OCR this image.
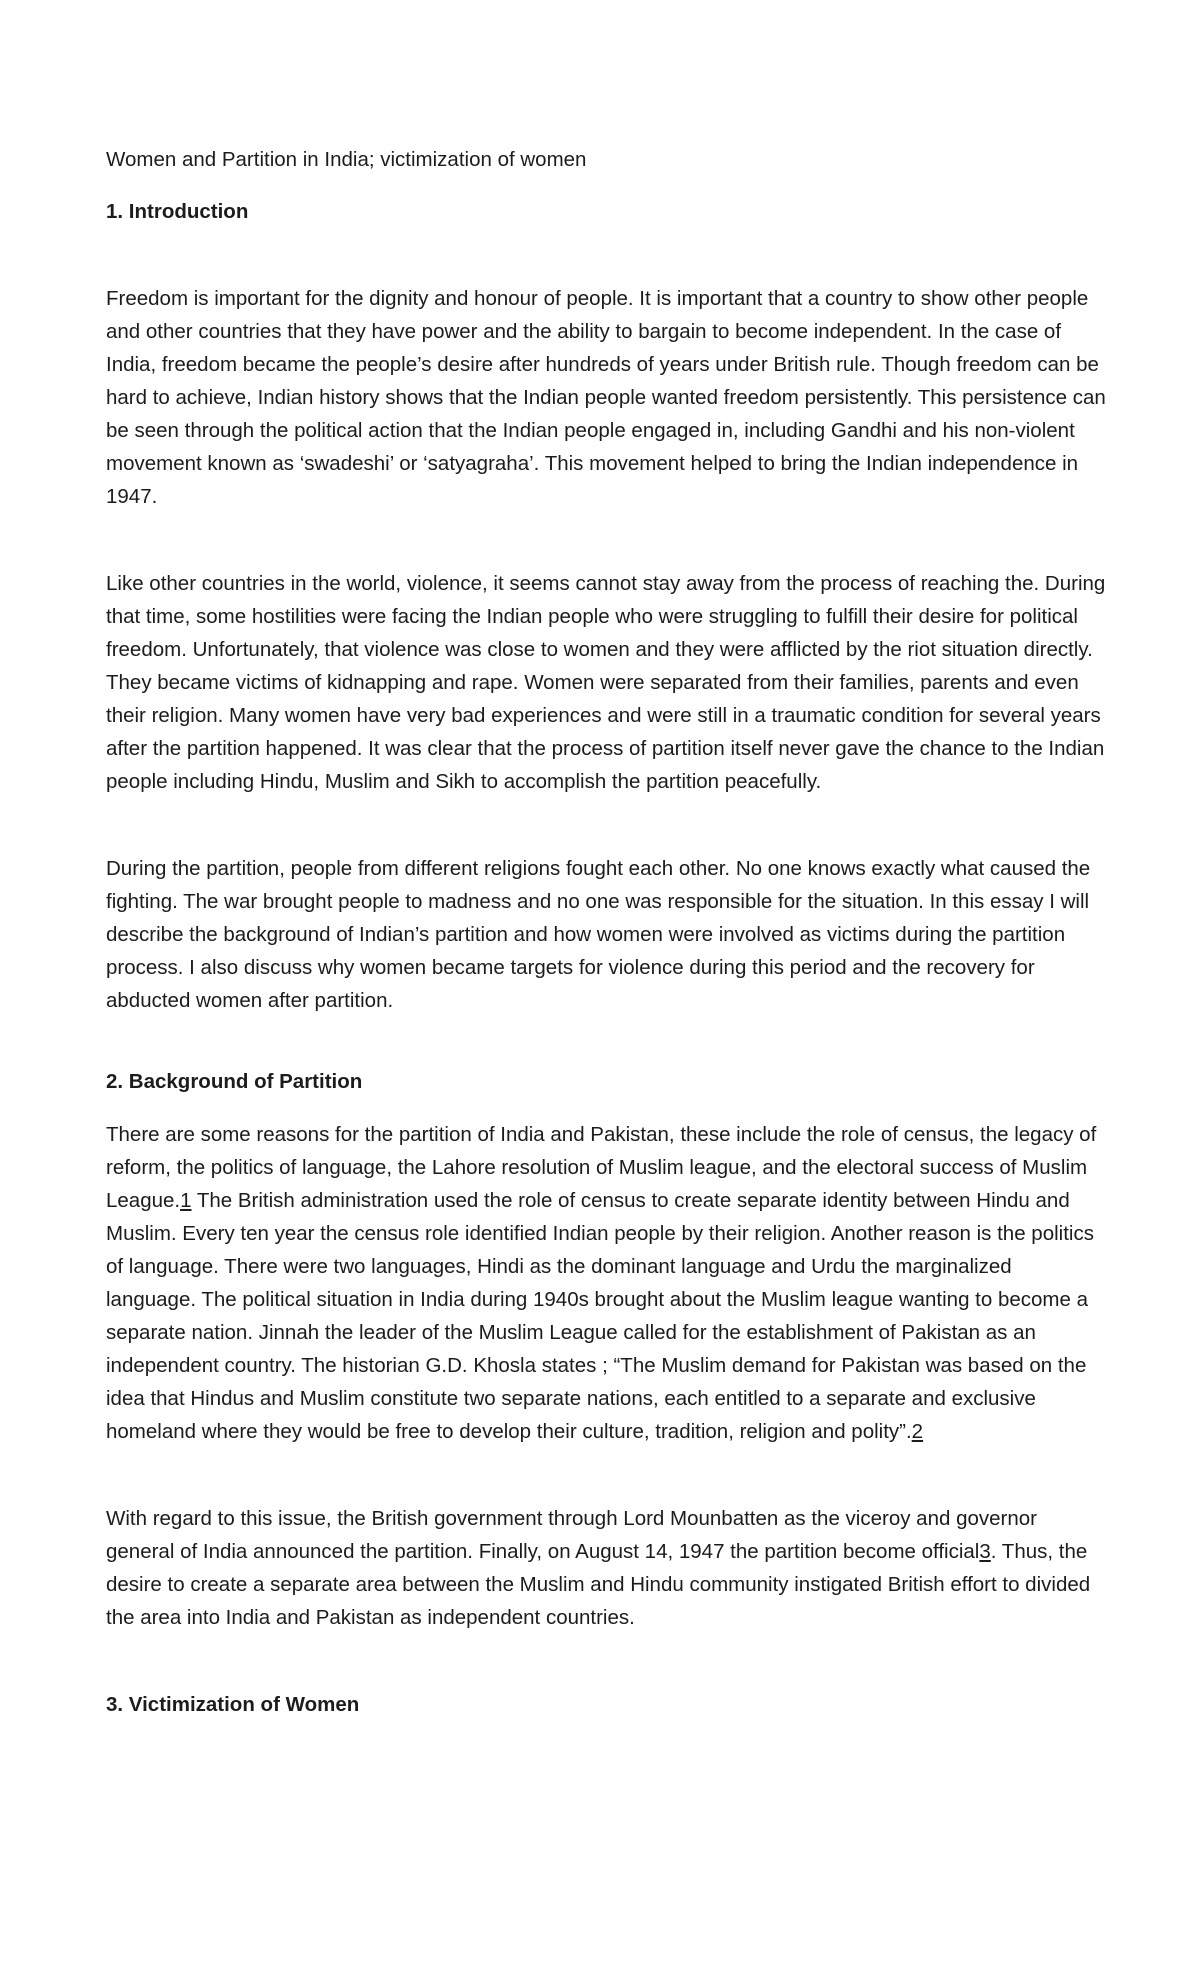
Women and Partition in India; victimization of women

1. Introduction

Freedom is important for the dignity and honour of people. It is important that a country to show other people and other countries that they have power and the ability to bargain to become independent. In the case of India, freedom became the people’s desire after hundreds of years under British rule. Though freedom can be hard to achieve, Indian history shows that the Indian people wanted freedom persistently. This persistence can be seen through the political action that the Indian people engaged in, including Gandhi and his non-violent movement known as ‘swadeshi’ or ‘satyagraha’. This movement helped to bring the Indian independence in 1947.

Like other countries in the world, violence, it seems cannot stay away from the process of reaching the. During that time, some hostilities were facing the Indian people who were struggling to fulfill their desire for political freedom. Unfortunately, that violence was close to women and they were afflicted by the riot situation directly. They became victims of kidnapping and rape. Women were separated from their families, parents and even their religion. Many women have very bad experiences and were still in a traumatic condition for several years after the partition happened. It was clear that the process of partition itself never gave the chance to the Indian people including Hindu, Muslim and Sikh to accomplish the partition peacefully.

During the partition, people from different religions fought each other. No one knows exactly what caused the fighting. The war brought people to madness and no one was responsible for the situation. In this essay I will describe the background of Indian’s partition and how women were involved as victims during the partition process. I also discuss why women became targets for violence during this period and the recovery for abducted women after partition.

2. Background of Partition

There are some reasons for the partition of India and Pakistan, these include the role of census, the legacy of reform, the politics of language, the Lahore resolution of Muslim league, and the electoral success of Muslim League.1 The British administration used the role of census to create separate identity between Hindu and Muslim. Every ten year the census role identified Indian people by their religion. Another reason is the politics of language. There were two languages, Hindi as the dominant language and Urdu the marginalized language. The political situation in India during 1940s brought about the Muslim league wanting to become a separate nation. Jinnah the leader of the Muslim League called for the establishment of Pakistan as an independent country. The historian G.D. Khosla states ; “The Muslim demand for Pakistan was based on the idea that Hindus and Muslim constitute two separate nations, each entitled to a separate and exclusive homeland where they would be free to develop their culture, tradition, religion and polity”.2

With regard to this issue, the British government through Lord Mounbatten as the viceroy and governor general of India announced the partition. Finally, on August 14, 1947 the partition become official3. Thus, the desire to create a separate area between the Muslim and Hindu community instigated British effort to divided the area into India and Pakistan as independent countries.

3. Victimization of Women
